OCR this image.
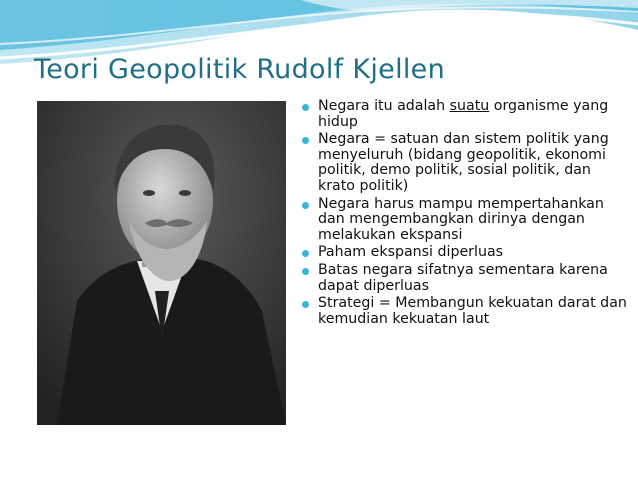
Teori Geopolitik Rudolf Kjellen
Negara itu adalah suatu organisme yang hidup
Negara = satuan dan sistem politik yang menyeluruh (bidang geopolitik, ekonomi politik, demo politik, sosial politik, dan krato politik)
Negara harus mampu mempertahankan dan mengembangkan dirinya dengan melakukan ekspansi
Paham ekspansi diperluas
Batas negara sifatnya sementara karena dapat diperluas
Strategi = Membangun kekuatan darat dan kemudian kekuatan laut
